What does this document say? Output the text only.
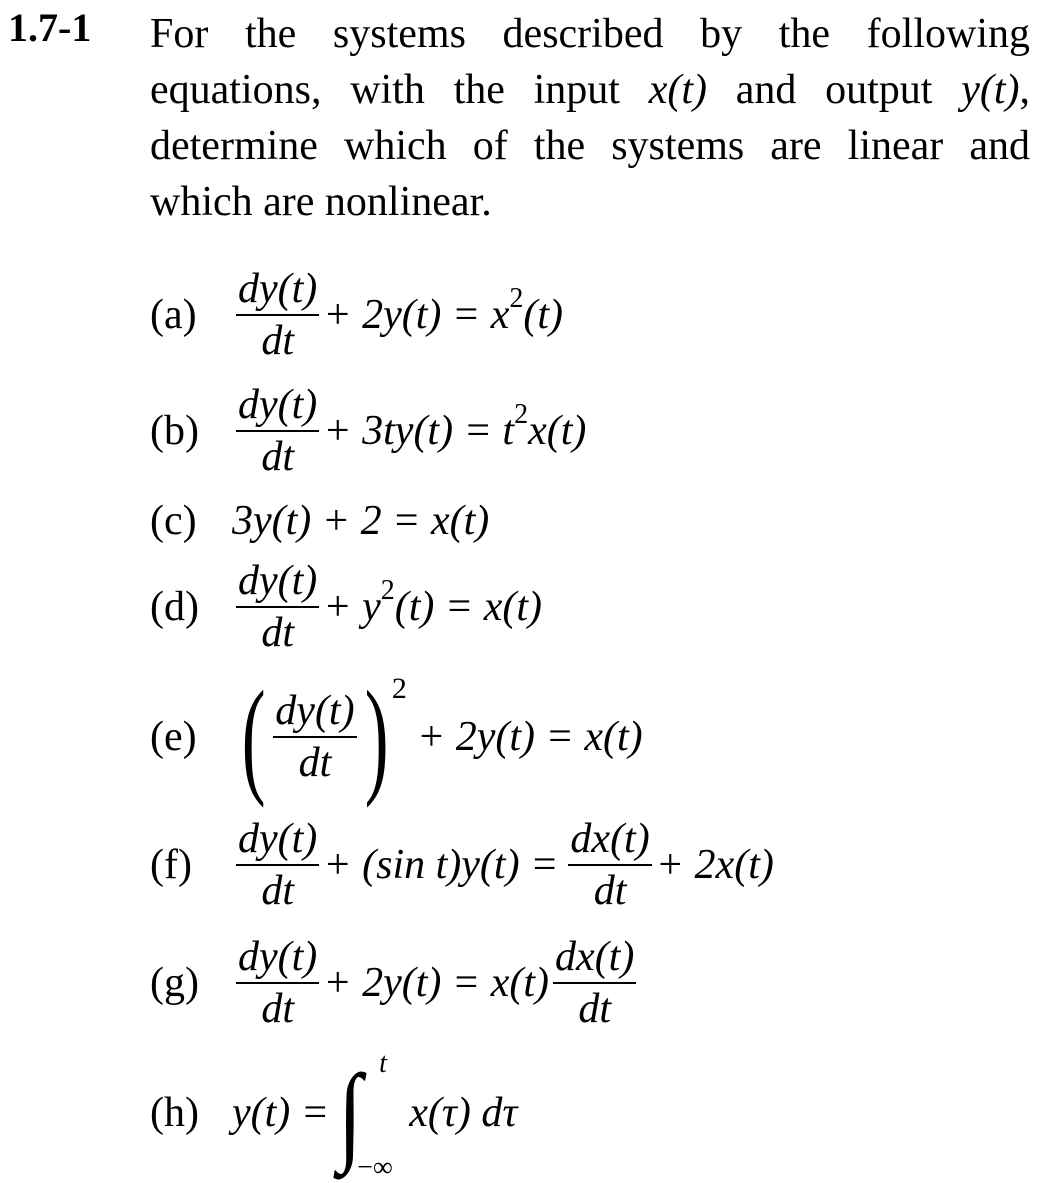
1.7-1 For the systems described by the following equations, with the input x(t) and output y(t), determine which of the systems are linear and which are nonlinear.
$(a) \frac{dy(t)}{dt} + 2y(t) = x$ 2 (t)
$(b) \frac{dy(t)}{dt} + 3ty(t) = t$ 2 x(t)
(c) 3y(t) + 2 = x(t)
$(d) \frac{dy(t)}{dt} + y$ 2 (t) = x(t)
(e) ( $\frac{dy(t)}{dt}$ ) 2
+ 2y(t) = x(t)
(f)	$\frac{dy(t)}{dt} + (\sin$ $t)y(t) = \frac{dx(t)}{dt} + 2x(t)$
$(g) \frac{dy(t)}{dt} + 2y(t) = x(t) \frac{dx(t)}{dt}$
(h) y(t) = ∫ t
−∞
x(τ) dτ
